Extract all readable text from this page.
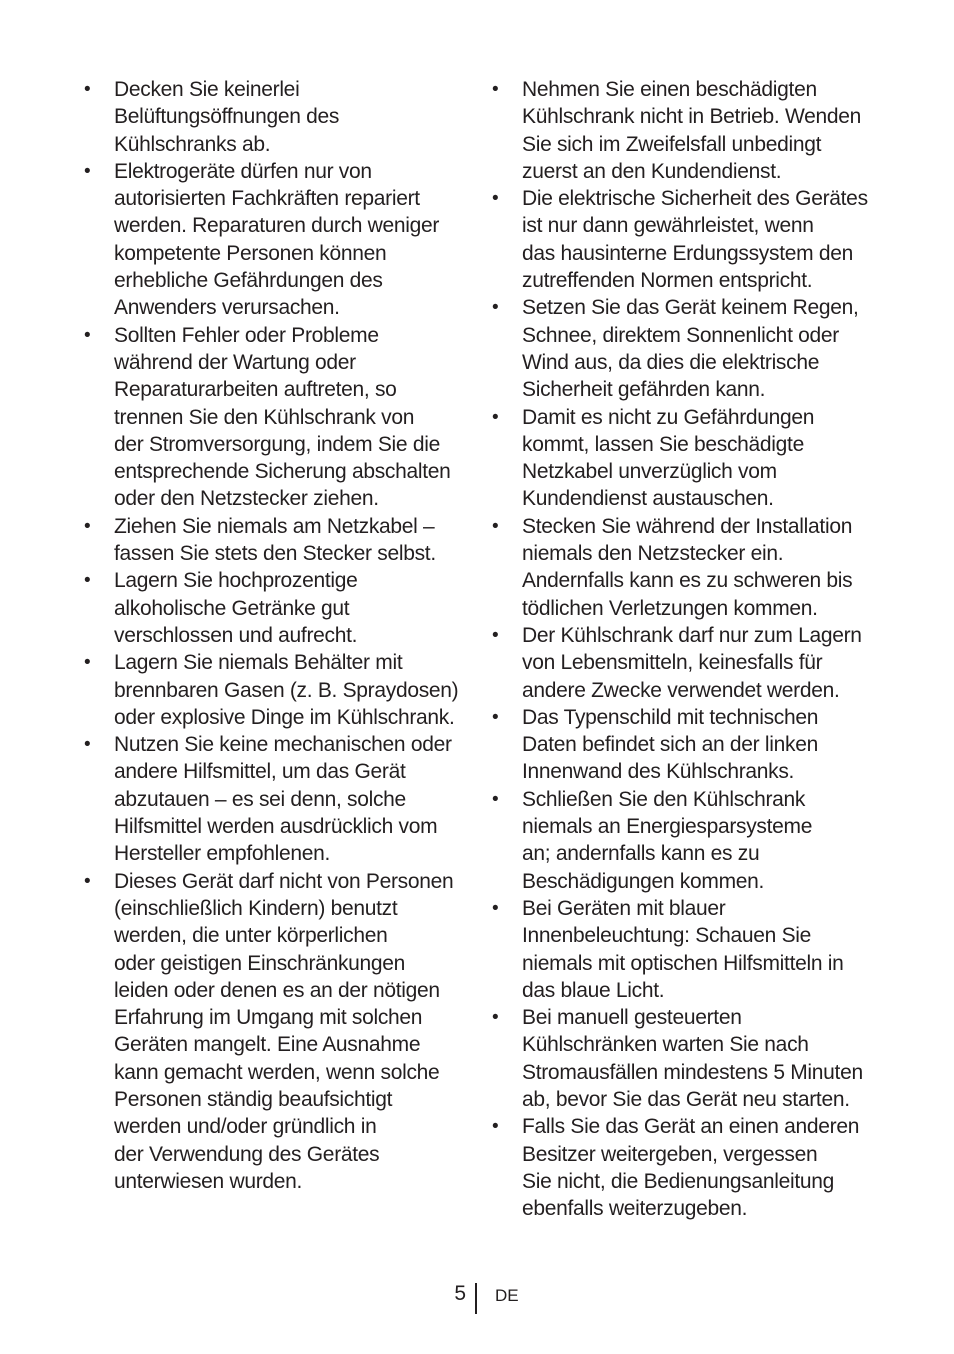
• Decken Sie keinerlei
Belüftungsöffnungen des
Kühlschranks ab.
• Elektrogeräte dürfen nur von
autorisierten Fachkräften repariert
werden. Reparaturen durch weniger
kompetente Personen können
erhebliche Gefährdungen des
Anwenders verursachen.
• Sollten Fehler oder Probleme
während der Wartung oder
Reparaturarbeiten auftreten, so
trennen Sie den Kühlschrank von
der Stromversorgung, indem Sie die
entsprechende Sicherung abschalten
oder den Netzstecker ziehen.
• Ziehen Sie niemals am Netzkabel –
fassen Sie stets den Stecker selbst.
• Lagern Sie hochprozentige
alkoholische Getränke gut
verschlossen und aufrecht.
• Lagern Sie niemals Behälter mit
brennbaren Gasen (z. B. Spraydosen)
oder explosive Dinge im Kühlschrank.
• Nutzen Sie keine mechanischen oder
andere Hilfsmittel, um das Gerät
abzutauen – es sei denn, solche
Hilfsmittel werden ausdrücklich vom
Hersteller empfohlenen.
• Dieses Gerät darf nicht von Personen
(einschließlich Kindern) benutzt
werden, die unter körperlichen
oder geistigen Einschränkungen
leiden oder denen es an der nötigen
Erfahrung im Umgang mit solchen
Geräten mangelt. Eine Ausnahme
kann gemacht werden, wenn solche
Personen ständig beaufsichtigt
werden und/oder gründlich in
der Verwendung des Gerätes
unterwiesen wurden.
• Nehmen Sie einen beschädigten
Kühlschrank nicht in Betrieb. Wenden
Sie sich im Zweifelsfall unbedingt
zuerst an den Kundendienst.
• Die elektrische Sicherheit des Gerätes
ist nur dann gewährleistet, wenn
das hausinterne Erdungssystem den
zutreffenden Normen entspricht.
• Setzen Sie das Gerät keinem Regen,
Schnee, direktem Sonnenlicht oder
Wind aus, da dies die elektrische
Sicherheit gefährden kann.
• Damit es nicht zu Gefährdungen
kommt, lassen Sie beschädigte
Netzkabel unverzüglich vom
Kundendienst austauschen.
• Stecken Sie während der Installation
niemals den Netzstecker ein.
Andernfalls kann es zu schweren bis
tödlichen Verletzungen kommen.
• Der Kühlschrank darf nur zum Lagern
von Lebensmitteln, keinesfalls für
andere Zwecke verwendet werden.
• Das Typenschild mit technischen
Daten befindet sich an der linken
Innenwand des Kühlschranks.
• Schließen Sie den Kühlschrank
niemals an Energiesparsysteme
an; andernfalls kann es zu
Beschädigungen kommen.
• Bei Geräten mit blauer
Innenbeleuchtung: Schauen Sie
niemals mit optischen Hilfsmitteln in
das blaue Licht.
• Bei manuell gesteuerten
Kühlschränken warten Sie nach
Stromausfällen mindestens 5 Minuten
ab, bevor Sie das Gerät neu starten.
• Falls Sie das Gerät an einen anderen
Besitzer weitergeben, vergessen
Sie nicht, die Bedienungsanleitung
ebenfalls weiterzugeben.
5 DE
